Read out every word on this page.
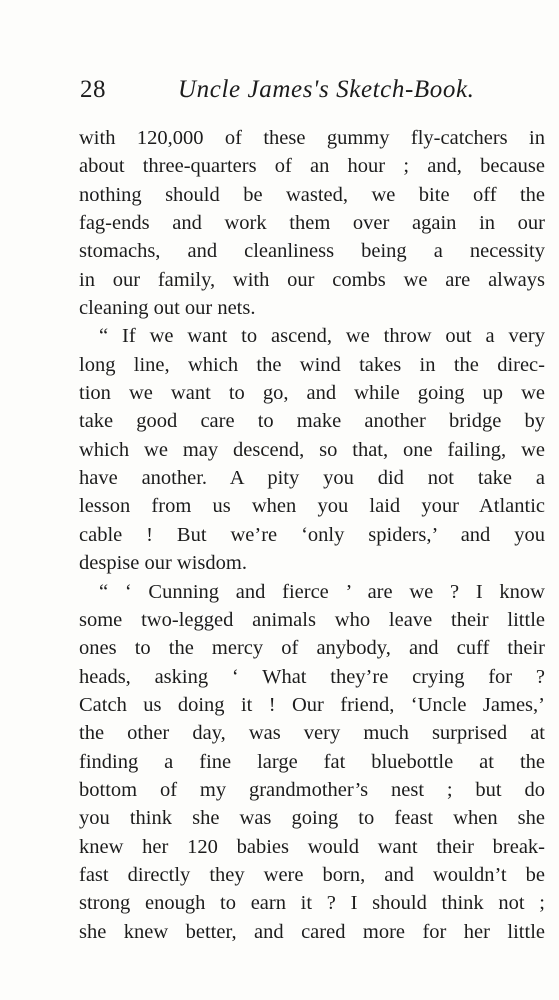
28	Uncle James's Sketch-Book.
with 120,000 of these gummy fly-catchers in
about three-quarters of an hour ; and, because
nothing should be wasted, we bite off the
fag-ends and work them over again in our
stomachs, and cleanliness being a necessity
in our family, with our combs we are always
cleaning out our nets.
“ If we want to ascend, we throw out a very
long line, which the wind takes in the direc-
tion we want to go, and while going up we
take good care to make another bridge by
which we may descend, so that, one failing, we
have another. A pity you did not take a
lesson from us when you laid your Atlantic
cable ! But we’re ‘only spiders,’ and you
despise our wisdom.
“ ‘ Cunning and fierce ’ are we ? I know
some two-legged animals who leave their little
ones to the mercy of anybody, and cuff their
heads, asking ‘ What they’re crying for ?
Catch us doing it ! Our friend, ‘Uncle James,’
the other day, was very much surprised at
finding a fine large fat bluebottle at the
bottom of my grandmother’s nest ; but do
you think she was going to feast when she
knew her 120 babies would want their break-
fast directly they were born, and wouldn’t be
strong enough to earn it ? I should think not ;
she knew better, and cared more for her little
